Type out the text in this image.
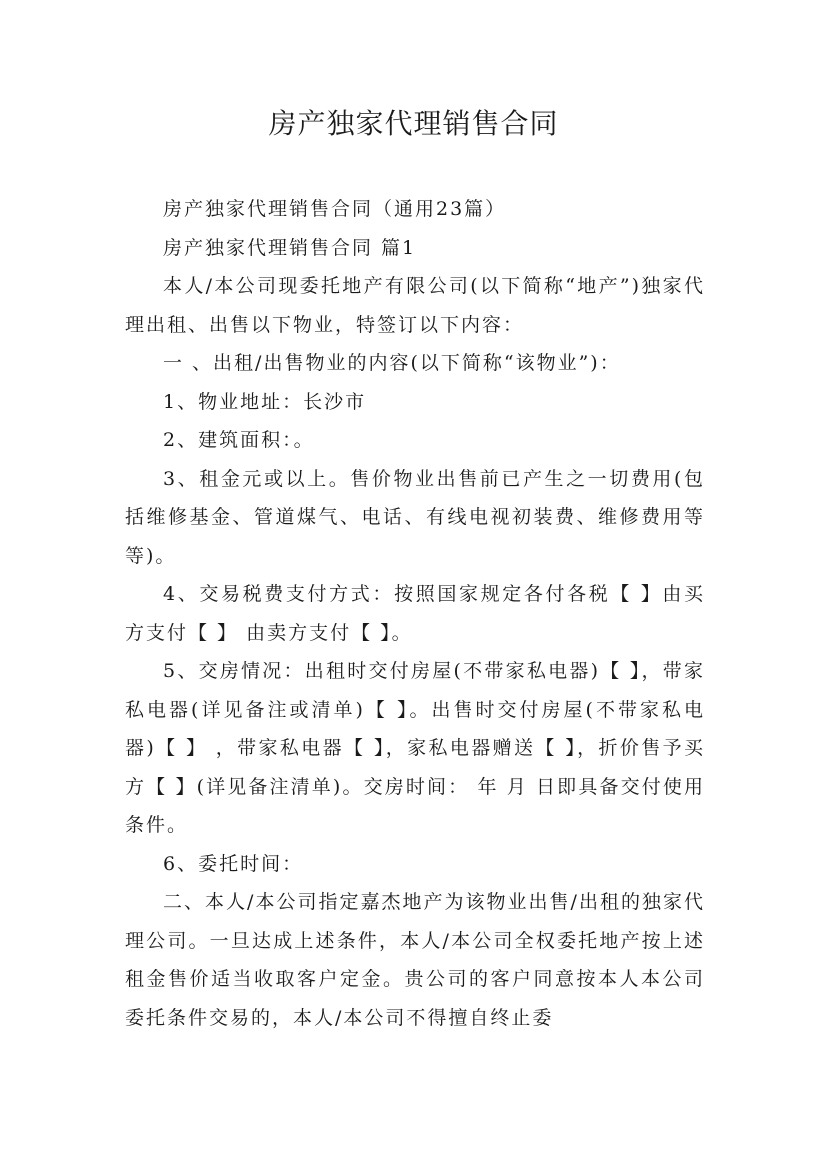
房产独家代理销售合同

房产独家代理销售合同（通用23篇）

房产独家代理销售合同 篇1

本人/本公司现委托地产有限公司(以下简称“地产”)独家代理出租、出售以下物业，特签订以下内容：

一 、出租/出售物业的内容(以下简称“该物业”)：

1、物业地址：长沙市

2、建筑面积：。

3、租金元或以上。售价物业出售前已产生之一切费用(包括维修基金、管道煤气、电话、有线电视初装费、维修费用等等)。

4、交易税费支付方式：按照国家规定各付各税【 】由买方支付【 】 由卖方支付【 】。

5、交房情况：出租时交付房屋(不带家私电器)【 】，带家私电器(详见备注或清单)【 】。出售时交付房屋(不带家私电器)【 】 ，带家私电器【 】，家私电器赠送【 】，折价售予买方【 】(详见备注清单)。交房时间： 年 月 日即具备交付使用条件。

6、委托时间：

二、本人/本公司指定嘉杰地产为该物业出售/出租的独家代理公司。一旦达成上述条件，本人/本公司全权委托地产按上述租金售价适当收取客户定金。贵公司的客户同意按本人本公司委托条件交易的，本人/本公司不得擅自终止委
